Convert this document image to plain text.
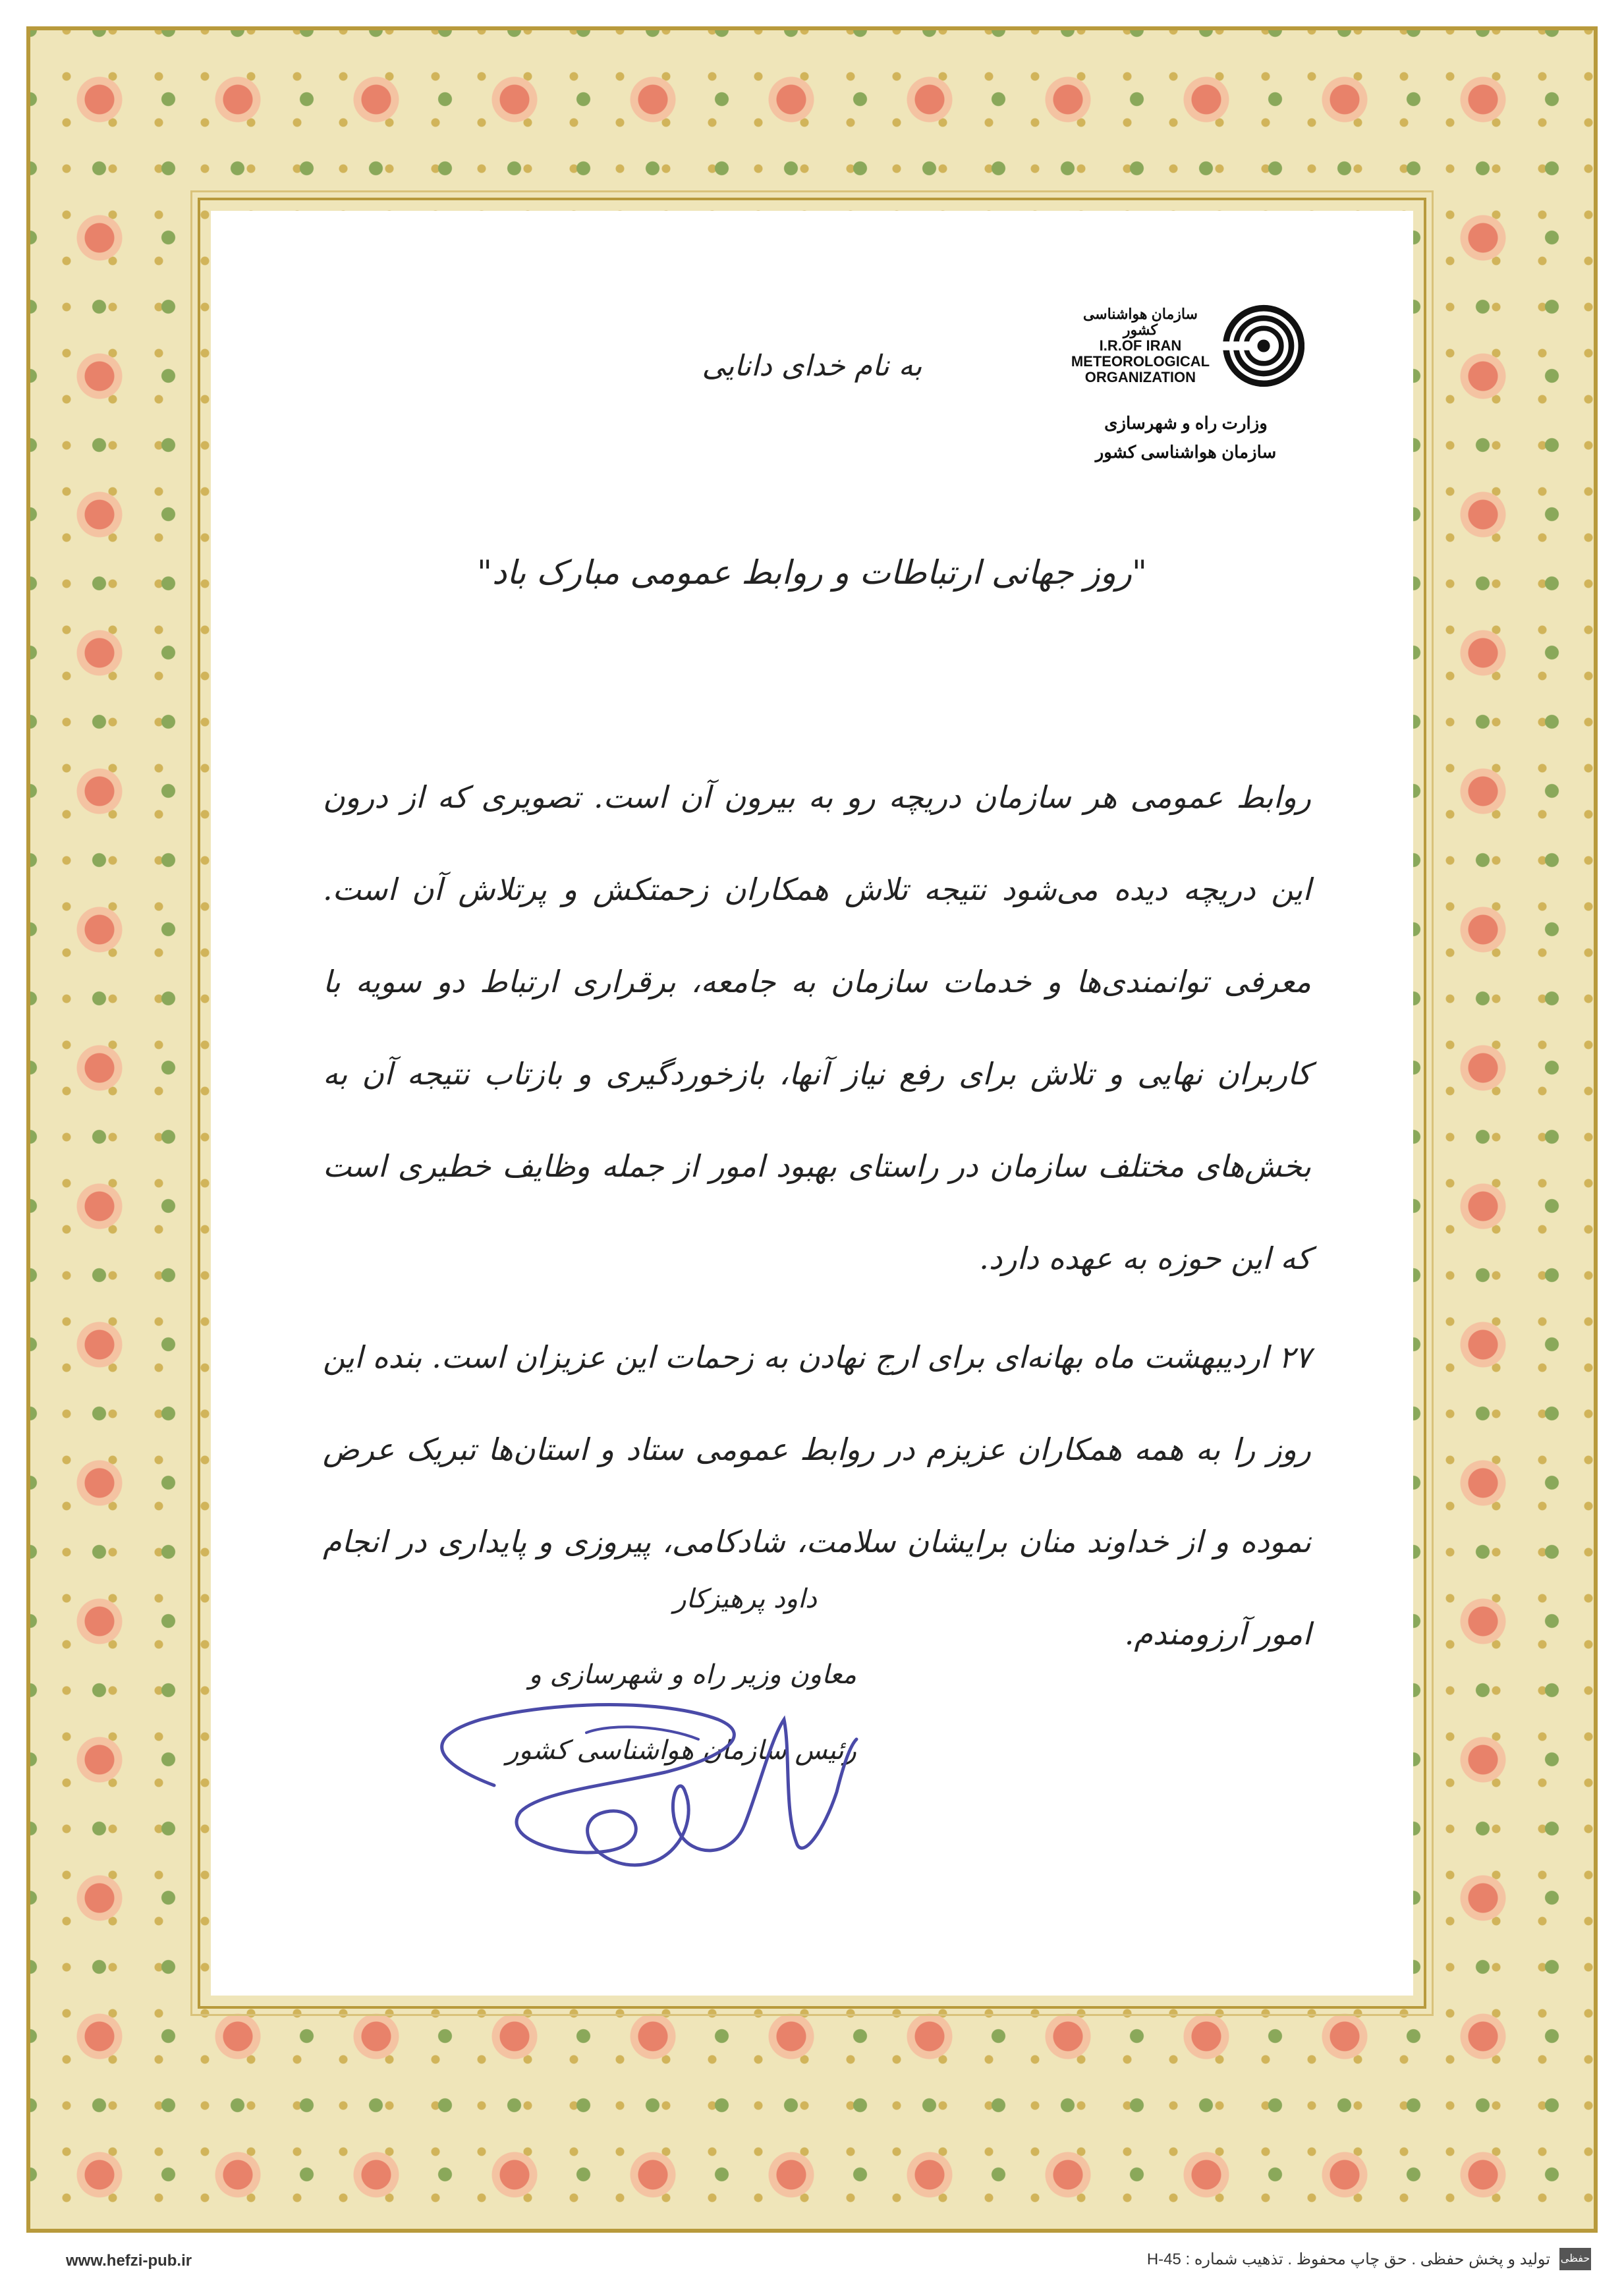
سازمان هواشناسی کشور
I.R.OF IRAN
METEOROLOGICAL
ORGANIZATION
وزارت راه و شهرسازی
سازمان هواشناسی کشور
به نام خدای دانایی
"روز جهانی ارتباطات و روابط عمومی مبارک باد"

روابط عمومی هر سازمان دریچه رو به بیرون آن است. تصویری که از درون این دریچه دیده می‌شود نتیجه تلاش همکاران زحمتکش و پرتلاش آن است. معرفی توانمندی‌ها و خدمات سازمان به جامعه، برقراری ارتباط دو سویه با کاربران نهایی و تلاش برای رفع نیاز آنها، بازخوردگیری و بازتاب نتیجه آن به بخش‌های مختلف سازمان در راستای بهبود امور از جمله وظایف خطیری است که این حوزه به عهده دارد.

۲۷ اردیبهشت ماه بهانه‌ای برای ارج نهادن به زحمات این عزیزان است. بنده این روز را به همه همکاران عزیزم در روابط عمومی ستاد و استان‌ها تبریک عرض نموده و از خداوند منان برایشان سلامت، شادکامی، پیروزی و پایداری در انجام امور آرزومندم.

داود پرهیزکار
معاون وزیر راه و شهرسازی و
رئیس سازمان هواشناسی کشور
www.hefzi-pub.ir	حفظی
تولید و پخش حفظی . حق چاپ محفوظ . تذهیب شماره : H-45
